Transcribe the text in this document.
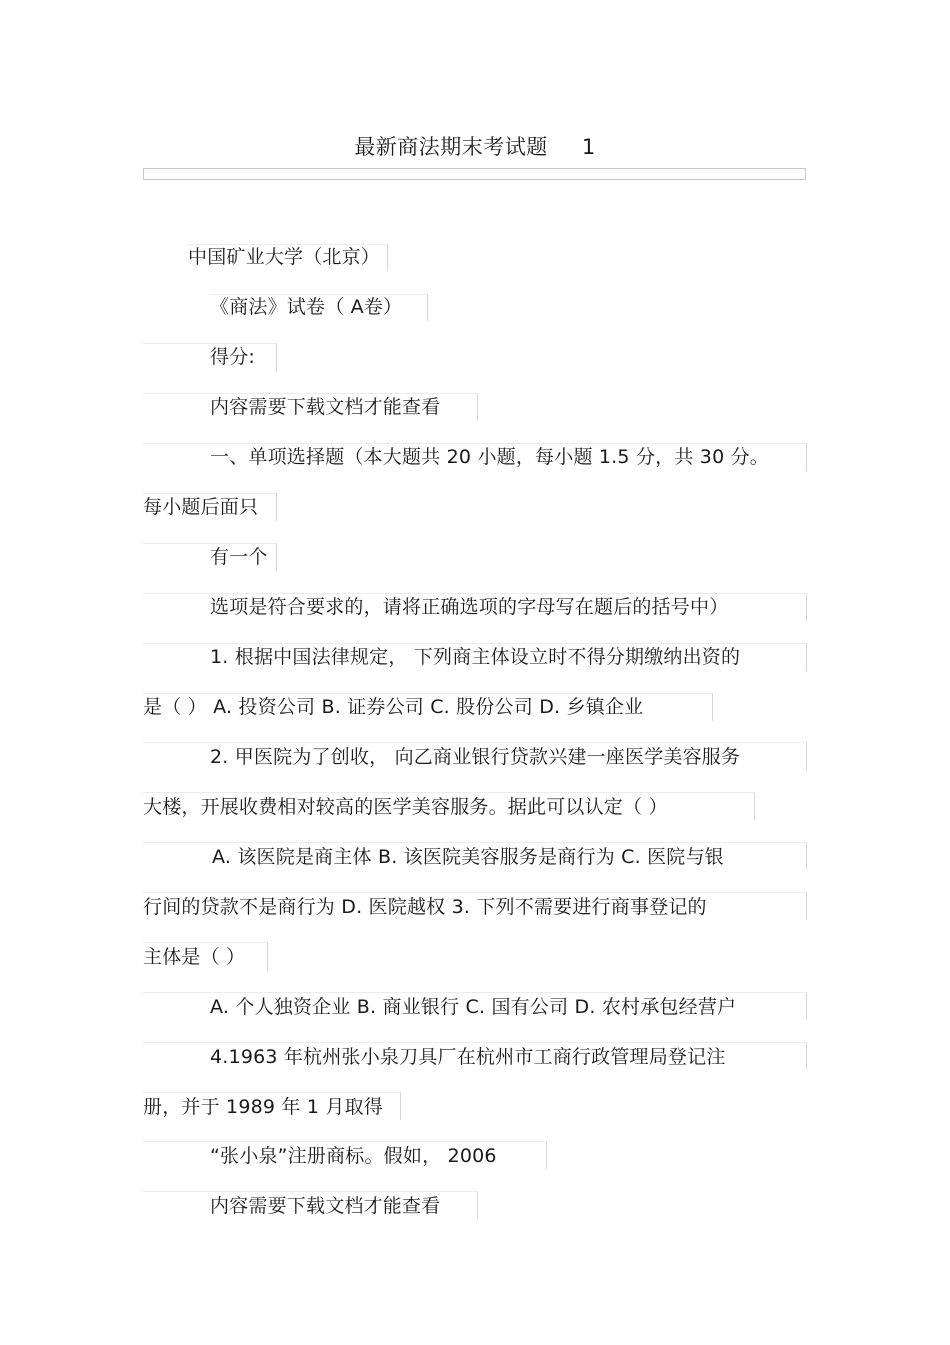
最新商法期末考试题 1
中国矿业大学（北京）
《商法》试卷（ A卷）
得分:
内容需要下载文档才能查看
一、单项选择题（本大题共 20 小题，每小题 1.5 分，共 30 分。
每小题后面只
有一个
选项是符合要求的，请将正确选项的字母写在题后的括号中）
1. 根据中国法律规定， 下列商主体设立时不得分期缴纳出资的
是（ ） A. 投资公司 B. 证券公司 C. 股份公司 D. 乡镇企业
2. 甲医院为了创收， 向乙商业银行贷款兴建一座医学美容服务
大楼，开展收费相对较高的医学美容服务。据此可以认定（ ）
A. 该医院是商主体 B. 该医院美容服务是商行为 C. 医院与银
行间的贷款不是商行为 D. 医院越权 3. 下列不需要进行商事登记的
主体是（ ）
A. 个人独资企业 B. 商业银行 C. 国有公司 D. 农村承包经营户
4.1963 年杭州张小泉刀具厂在杭州市工商行政管理局登记注
册，并于 1989 年 1 月取得
“张小泉”注册商标。假如， 2006
内容需要下载文档才能查看
